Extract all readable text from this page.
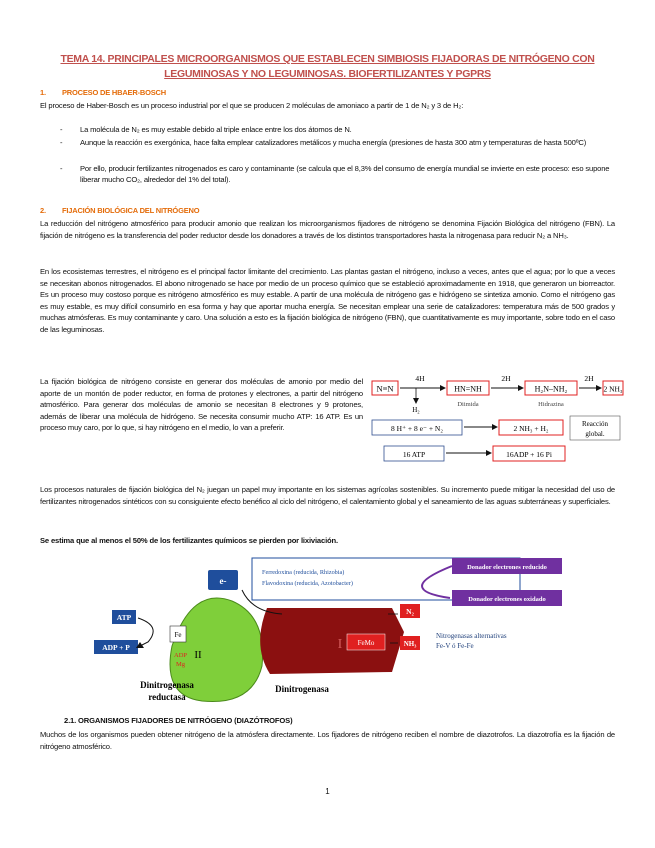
TEMA 14. PRINCIPALES MICROORGANISMOS QUE ESTABLECEN SIMBIOSIS FIJADORAS DE NITRÓGENO CON
LEGUMINOSAS Y NO LEGUMINOSAS. BIOFERTILIZANTES Y PGPRS
1. PROCESO DE HBAER-BOSCH
El proceso de Haber-Bosch es un proceso industrial por el que se producen 2 moléculas de amoniaco a partir de 1 de N₂ y 3 de H₂:
- La molécula de N₂ es muy estable debido al triple enlace entre los dos átomos de N.
- Aunque la reacción es exergónica, hace falta emplear catalizadores metálicos y mucha energía (presiones de hasta 300 atm y temperaturas de hasta 500ºC)
- Por ello, producir fertilizantes nitrogenados es caro y contaminante (se calcula que el 8,3% del consumo de energía mundial se invierte en este proceso: eso supone liberar mucho CO₂, alrededor del 1% del total).
2. FIJACIÓN BIOLÓGICA DEL NITRÓGENO
La reducción del nitrógeno atmosférico para producir amonio que realizan los microorganismos fijadores de nitrógeno se denomina Fijación Biológica del nitrógeno (FBN). La fijación de nitrógeno es la transferencia del poder reductor desde los donadores a través de los distintos transportadores hasta la nitrogenasa para reducir N₂ a NH₃.
En los ecosistemas terrestres, el nitrógeno es el principal factor limitante del crecimiento. Las plantas gastan el nitrógeno, incluso a veces, antes que el agua; por lo que a veces se necesitan abonos nitrogenados. El abono nitrogenado se hace por medio de un proceso químico que se estableció aproximadamente en 1918, que generaron un biorreactor. Es un proceso muy costoso porque es nitrógeno atmosférico es muy estable. A partir de una molécula de nitrógeno gas e hidrógeno se sintetiza amonio. Como el nitrógeno gas es muy estable, es muy difícil consumirlo en esa forma y hay que aportar mucha energía. Se necesitan emplear una serie de catalizadores: temperatura más de 500 grados y muchas atmósferas. Es muy contaminante y caro. Una solución a esto es la fijación biológica de nitrógeno (FBN), que cuantitativamente es muy importante, sobre todo en el caso de las leguminosas.
La fijación biológica de nitrógeno consiste en generar dos moléculas de amonio por medio del aporte de un montón de poder reductor, en forma de protones y electrones, a partir del nitrógeno atmosférico. Para generar dos moléculas de amonio se necesitan 8 electrones y 9 protones, además de liberar una molécula de hidrógeno. Se necesita consumir mucho ATP: 16 ATP. Es un proceso muy caro, por lo que, si hay nitrógeno en el medio, lo van a preferir.
N≡N
4H
H₂
HN=NH
Diimida
2H
H₂N–NH₂
Hidrazina
2H
2 NH₃
8 H⁺ + 8 e⁻ + N₂	2 NH₃ + H₂	Reacción
global.
16 ATP	16ADP + 16 Pi
Los procesos naturales de fijación biológica del N₂ juegan un papel muy importante en los sistemas agrícolas sostenibles. Su incremento puede mitigar la necesidad del uso de fertilizantes nitrogenados sintéticos con su consiguiente efecto benéfico al ciclo del nitrógeno, el calentamiento global y el saneamiento de las aguas subterráneas y superficiales.
Se estima que al menos el 50% de los fertilizantes químicos se pierden por lixiviación.
e-
Ferredoxina (reducida, Rhizobia)
Flavodoxina (reducida, Azotobacter)
Donador electrones reducido
Donador electrones oxidado
I FeMo
Fe
ADP
Mg
II
ATP
ADP + P
N₂
NH₃
Nitrogenasas alternativas
Fe-V ó Fe-Fe
Dinitrogenasa
reductasa
Dinitrogenasa
2.1. ORGANISMOS FIJADORES DE NITRÓGENO (DIAZÓTROFOS)
Muchos de los organismos pueden obtener nitrógeno de la atmósfera directamente. Los fijadores de nitrógeno reciben el nombre de diazotrofos. La diazotrofía es la fijación de nitrógeno atmosférico.
1
